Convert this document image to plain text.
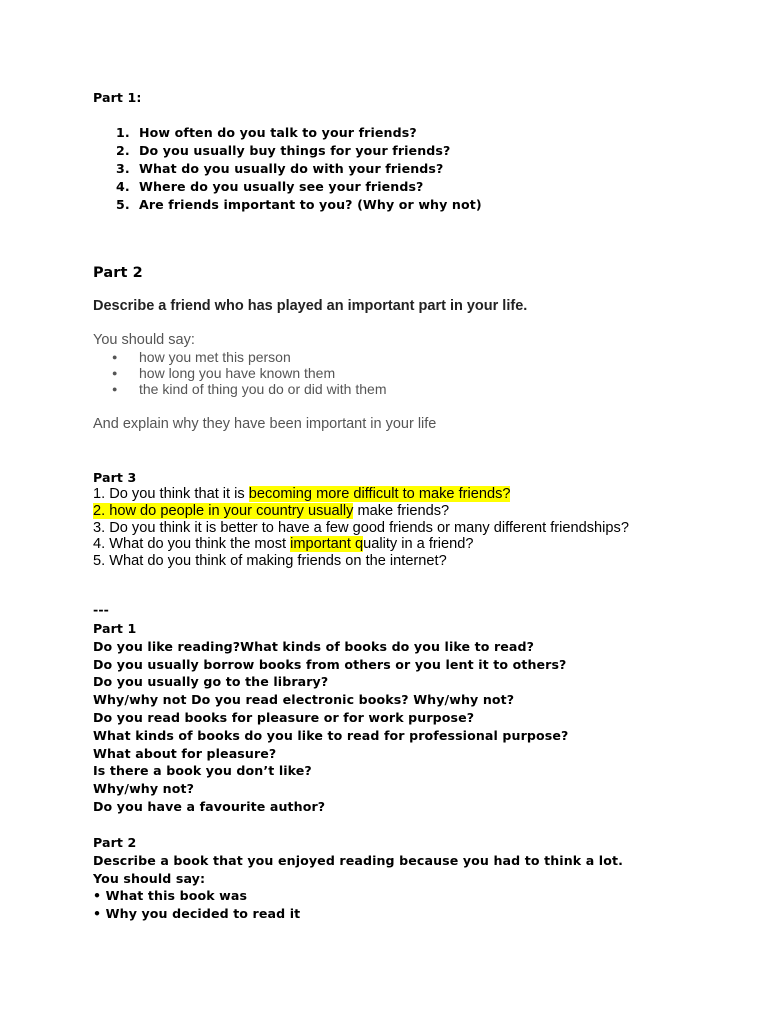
Part 1:
1. How often do you talk to your friends?
2. Do you usually buy things for your friends?
3. What do you usually do with your friends?
4. Where do you usually see your friends?
5. Are friends important to you? (Why or why not)
Part 2
Describe a friend who has played an important part in your life.
You should say:
● how you met this person
● how long you have known them
● the kind of thing you do or did with them
And explain why they have been important in your life
Part 3
1. Do you think that it is becoming more difficult to make friends?
2. how do people in your country usually make friends?
3. Do you think it is better to have a few good friends or many different friendships?
4. What do you think the most important quality in a friend?
5. What do you think of making friends on the internet?
---
Part 1
Do you like reading?What kinds of books do you like to read?
Do you usually borrow books from others or you lent it to others?
Do you usually go to the library?
Why/why not Do you read electronic books? Why/why not?
Do you read books for pleasure or for work purpose?
What kinds of books do you like to read for professional purpose?
What about for pleasure?
Is there a book you don’t like?
Why/why not?
Do you have a favourite author?
Part 2
Describe a book that you enjoyed reading because you had to think a lot.
You should say:
• What this book was
• Why you decided to read it
